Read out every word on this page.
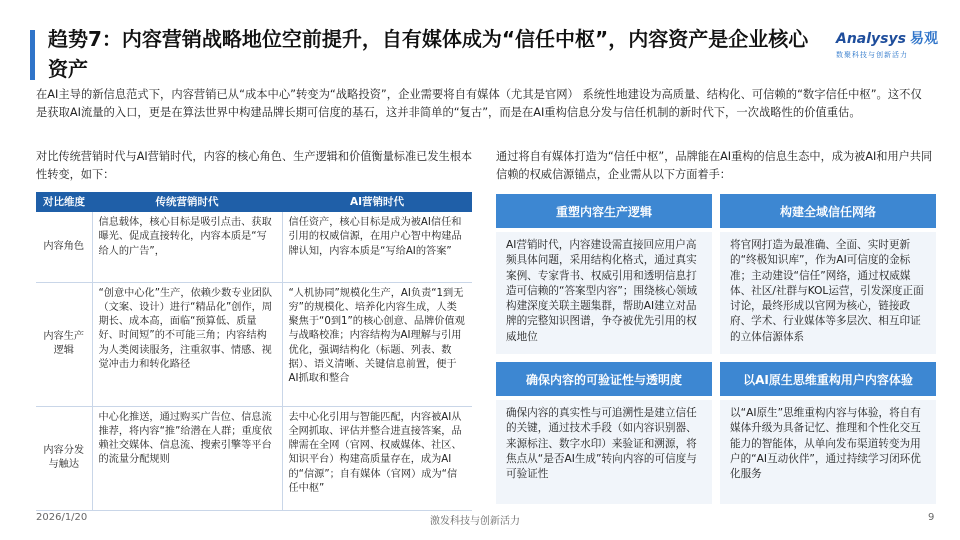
趋势7：内容营销战略地位空前提升，自有媒体成为“信任中枢”，内容资产是企业核心资产
Analysys 易观
数聚科技与创新活力
在AI主导的新信息范式下，内容营销已从“成本中心”转变为“战略投资”，企业需要将自有媒体（尤其是官网） 系统性地建设为高质量、结构化、可信赖的“数字信任中枢”。这不仅是获取AI流量的入口，更是在算法世界中构建品牌长期可信度的基石，这并非简单的“复古”，而是在AI重构信息分发与信任机制的新时代下，一次战略性的价值重估。
对比传统营销时代与AI营销时代，内容的核心角色、生产逻辑和价值衡量标准已发生根本性转变，如下：
通过将自有媒体打造为“信任中枢”，品牌能在AI重构的信息生态中，成为被AI和用户共同信赖的权威信源锚点，企业需从以下方面着手：
对比维度	传统营销时代	AI营销时代
内容角色	信息载体，核心目标是吸引点击、获取曝光、促成直接转化，内容本质是“写给人的广告”，	信任资产，核心目标是成为被AI信任和引用的权威信源，在用户心智中构建品牌认知，内容本质是“写给AI的答案”
内容生产逻辑	“创意中心化”生产，依赖少数专业团队（文案、设计）进行“精品化”创作，周期长、成本高，面临“预算低、质量好、时间短”的不可能三角；内容结构为人类阅读服务，注重叙事、情感、视觉冲击力和转化路径	“人机协同”规模化生产，AI负责“1到无穷”的规模化、培养化内容生成，人类聚焦于“0到1”的核心创意、品牌价值观与战略校准；内容结构为AI理解与引用优化，强调结构化（标题、列表、数据）、语义清晰、关键信息前置，便于AI抓取和整合
内容分发与触达	中心化推送，通过购买广告位、信息流推荐，将内容“推”给潜在人群；重度依赖社交媒体、信息流、搜索引擎等平台的流量分配规则	去中心化引用与智能匹配，内容被AI从全网抓取、评估并整合进直接答案，品牌需在全网（官网、权威媒体、社区、知识平台）构建高质量存在，成为AI的“信源”；自有媒体（官网）成为“信任中枢”
重塑内容生产逻辑
AI营销时代，内容建设需直接回应用户高频具体问题，采用结构化格式，通过真实案例、专家背书、权威引用和透明信息打造可信赖的“答案型内容”；围绕核心领域构建深度关联主题集群，帮助AI建立对品牌的完整知识图谱，争夺被优先引用的权威地位
构建全域信任网络
将官网打造为最准确、全面、实时更新的“终极知识库”，作为AI可信度的金标准；主动建设“信任”网络，通过权威媒体、社区/社群与KOL运营，引发深度正面讨论，最终形成以官网为核心，链接政府、学术、行业媒体等多层次、相互印证的立体信源体系
确保内容的可验证性与透明度
确保内容的真实性与可追溯性是建立信任的关键，通过技术手段（如内容识别器、来源标注、数字水印）来验证和溯源，将焦点从“是否AI生成”转向内容的可信度与可验证性
以AI原生思维重构用户内容体验
以“AI原生”思维重构内容与体验，将自有媒体升级为具备记忆、推理和个性化交互能力的智能体，从单向发布渠道转变为用户的“AI互动伙伴”，通过持续学习闭环优化服务
2026/1/20	激发科技与创新活力	9
